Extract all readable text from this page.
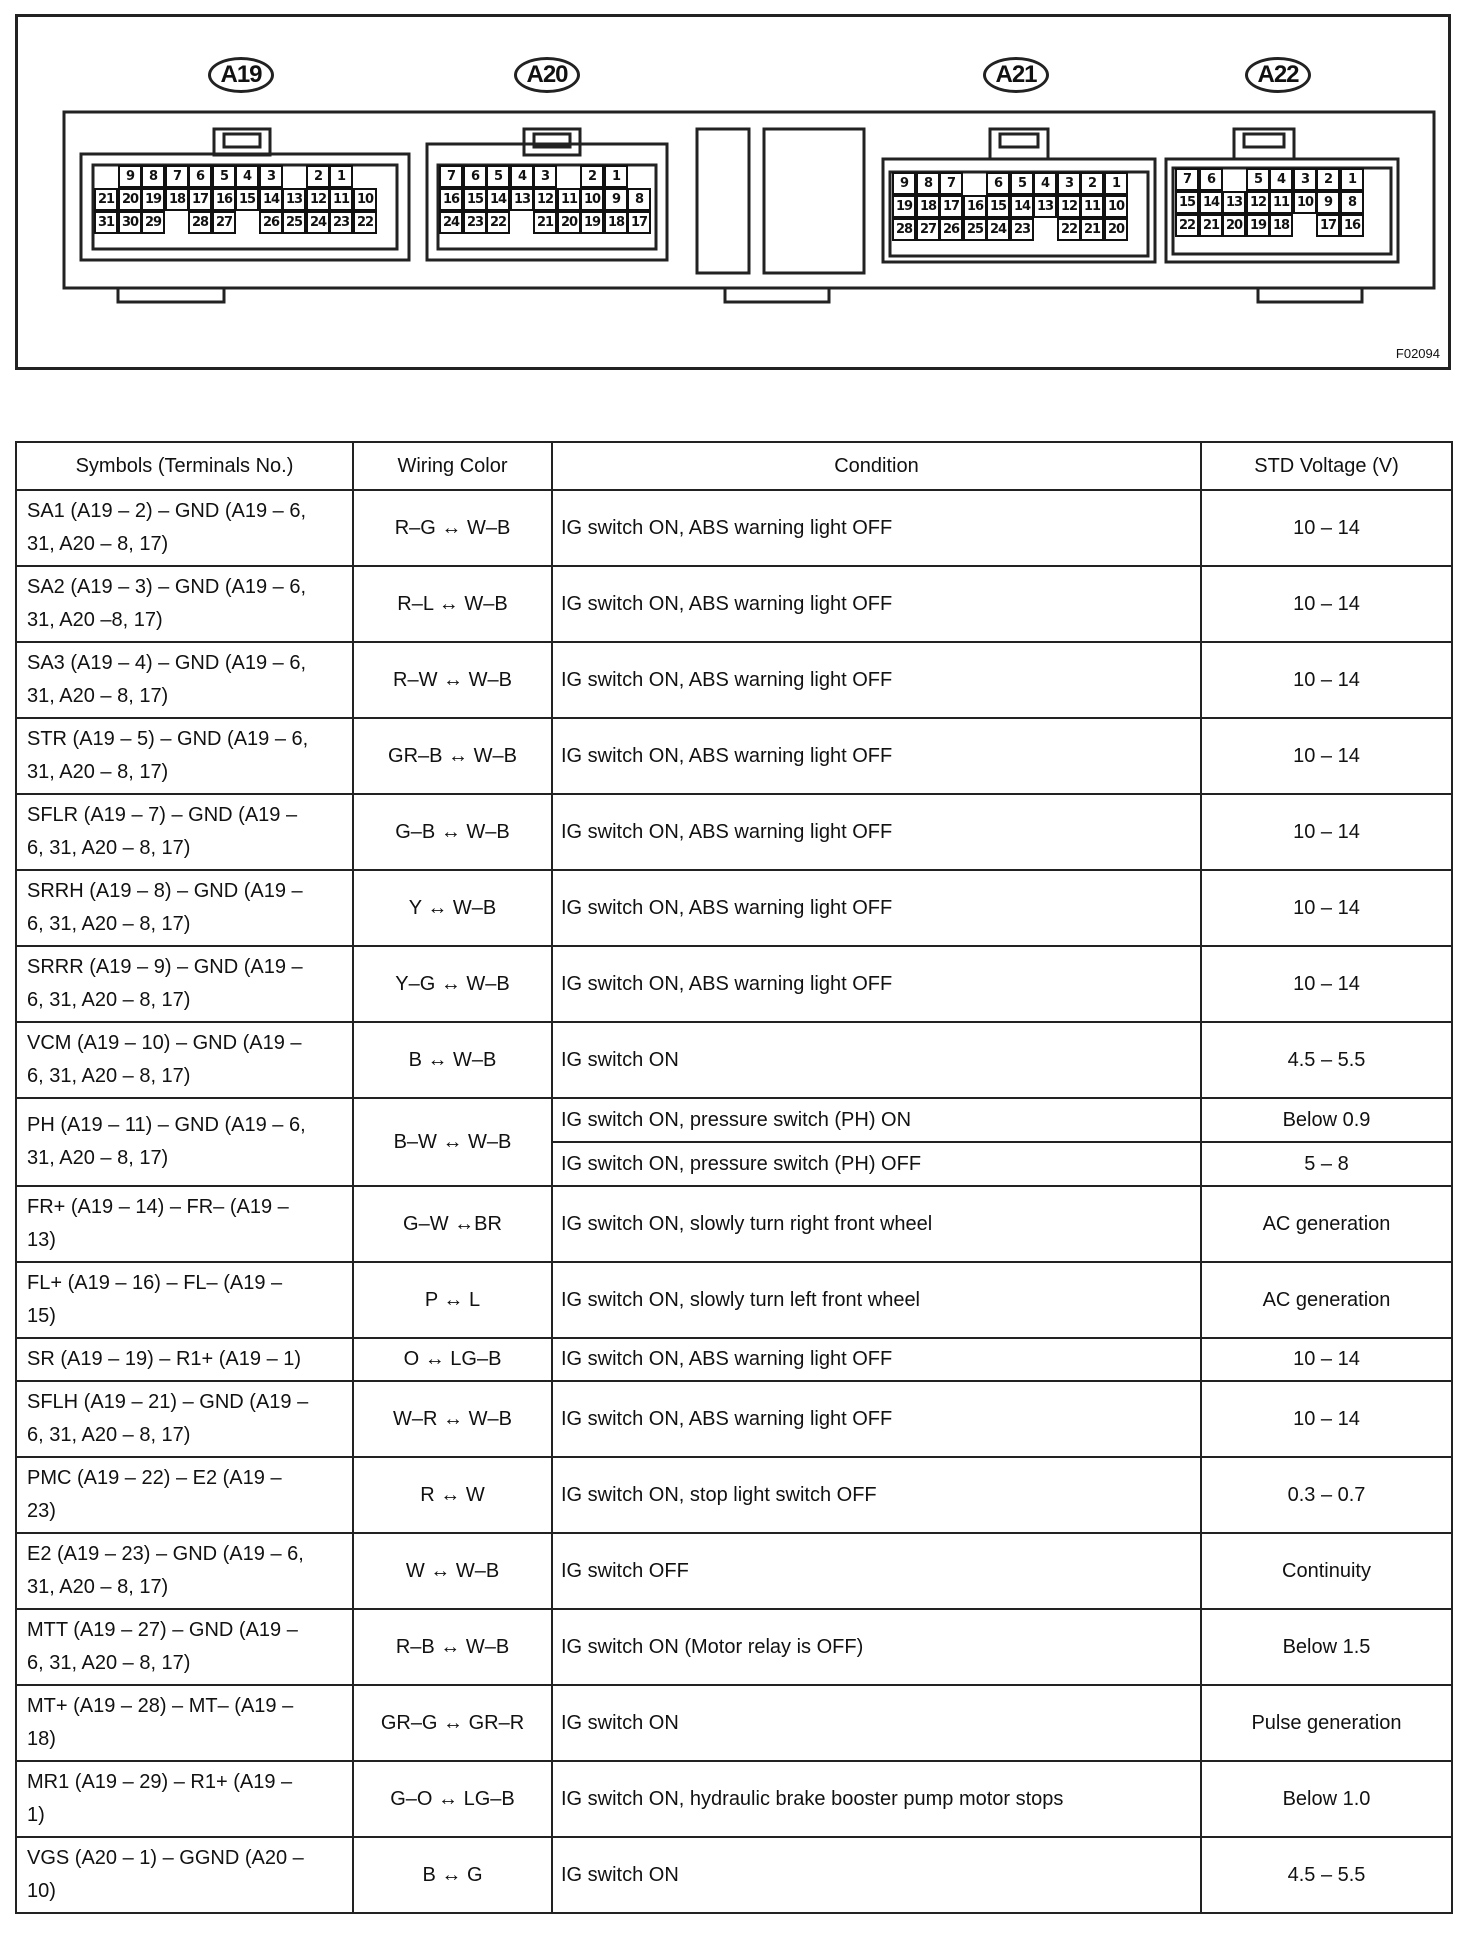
A19	A20	A21	A22
9	8	7	6	5	4	3	2	1
21 20 19 18 17 16 15 14 13 12 11 10
31 30 29	28 27	26 25 24 23 22
7	6	5	4	3	2	1
16 15 14 13 12 11 10 9	8
24 23 22	21 20 19 18 17
9	8	7	6	5	4	3	2	1
19 18 17 16 15 14 13 12 11 10
28 27 26 25 24 23	22 21 20
7	6	5	4	3	2	1
15 14 13 12 11 10 9	8
22 21 20 19 18	17 16
F02094
Symbols (Terminals No.)	Wiring Color	Condition	STD Voltage (V)

SA1 (A19 – 2) – GND (A19 – 6,
31, A20 – 8, 17)	R–G ↔ W–B	IG switch ON, ABS warning light OFF	10 – 14

SA2 (A19 – 3) – GND (A19 – 6,
31, A20 –8, 17)	R–L ↔ W–B	IG switch ON, ABS warning light OFF	10 – 14

SA3 (A19 – 4) – GND (A19 – 6,
31, A20 – 8, 17)	R–W ↔ W–B	IG switch ON, ABS warning light OFF	10 – 14

STR (A19 – 5) – GND (A19 – 6,
31, A20 – 8, 17)	GR–B ↔ W–B	IG switch ON, ABS warning light OFF	10 – 14

SFLR (A19 – 7) – GND (A19 –
6, 31, A20 – 8, 17)	G–B ↔ W–B	IG switch ON, ABS warning light OFF	10 – 14

SRRH (A19 – 8) – GND (A19 –
6, 31, A20 – 8, 17)	Y ↔ W–B	IG switch ON, ABS warning light OFF	10 – 14

SRRR (A19 – 9) – GND (A19 –
6, 31, A20 – 8, 17)	Y–G ↔ W–B	IG switch ON, ABS warning light OFF	10 – 14

VCM (A19 – 10) – GND (A19 –
6, 31, A20 – 8, 17)	B ↔ W–B	IG switch ON	4.5 – 5.5

PH (A19 – 11) – GND (A19 – 6,
31, A20 – 8, 17)	B–W ↔ W–B	IG switch ON, pressure switch (PH) ON	Below 0.9
		IG switch ON, pressure switch (PH) OFF	5 – 8

FR+ (A19 – 14) – FR– (A19 –
13)	G–W ↔BR	IG switch ON, slowly turn right front wheel	AC generation

FL+ (A19 – 16) – FL– (A19 –
15)	P ↔ L	IG switch ON, slowly turn left front wheel	AC generation

SR (A19 – 19) – R1+ (A19 – 1)	O ↔ LG–B	IG switch ON, ABS warning light OFF	10 – 14

SFLH (A19 – 21) – GND (A19 –
6, 31, A20 – 8, 17)	W–R ↔ W–B	IG switch ON, ABS warning light OFF	10 – 14

PMC (A19 – 22) – E2 (A19 –
23)	R ↔ W	IG switch ON, stop light switch OFF	0.3 – 0.7

E2 (A19 – 23) – GND (A19 – 6,
31, A20 – 8, 17)	W ↔ W–B	IG switch OFF	Continuity

MTT (A19 – 27) – GND (A19 –
6, 31, A20 – 8, 17)	R–B ↔ W–B	IG switch ON (Motor relay is OFF)	Below 1.5

MT+ (A19 – 28) – MT– (A19 –
18)	GR–G ↔ GR–R	IG switch ON	Pulse generation

MR1 (A19 – 29) – R1+ (A19 –
1)	G–O ↔ LG–B	IG switch ON, hydraulic brake booster pump motor stops	Below 1.0

VGS (A20 – 1) – GGND (A20 –
10)	B ↔ G	IG switch ON	4.5 – 5.5
